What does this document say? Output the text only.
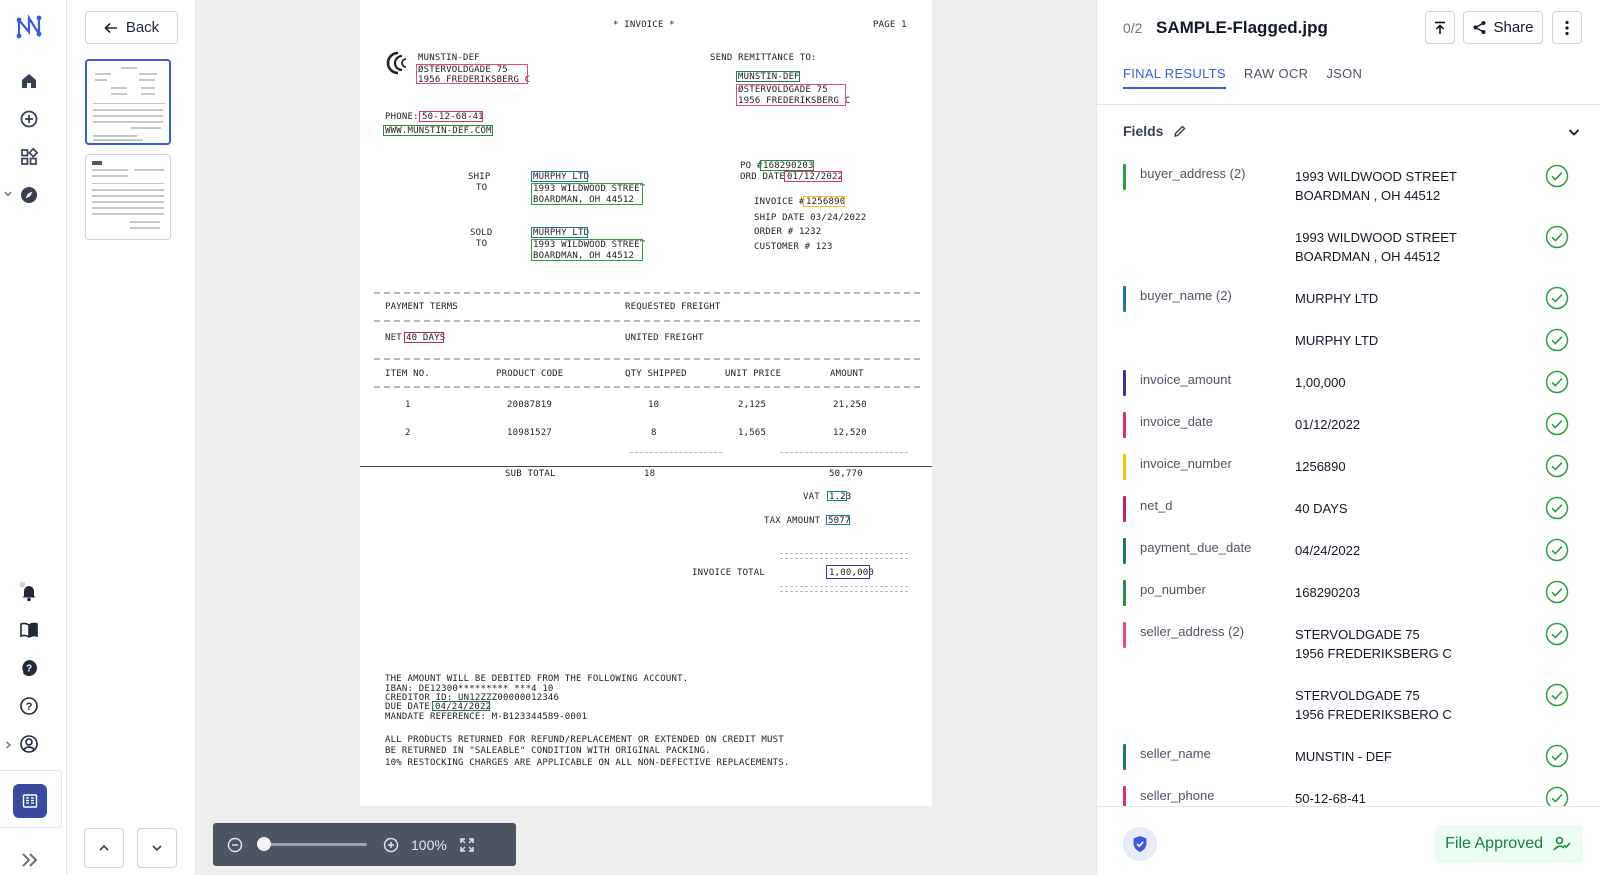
?
?
Back	* INVOICE *	PAGE 1
MUNSTIN-DEF
ØSTERVOLDGADE 75
1956 FREDERIKSBERG C
SEND REMITTANCE TO:
MUNSTIN-DEF
ØSTERVOLDGADE 75
1956 FREDERIKSBERG C
PHONE: 50-12-68-41
WWW.MUNSTIN-DEF.COM
SHIP
TO
MURPHY LTD
1993 WILDWOOD STREET
BOARDMAN, OH 44512
SOLD
TO
MURPHY LTD
1993 WILDWOOD STREET
BOARDMAN, OH 44512
PO # 168290203
ORD DATE 01/12/2022
INVOICE # 1256890
SHIP DATE 03/24/2022
ORDER # 1232
CUSTOMER # 123
PAYMENT TERMS	REQUESTED FREIGHT
NET 40 DAYS	UNITED FREIGHT
ITEM NO.	PRODUCT CODE	QTY SHIPPED	UNIT PRICE	AMOUNT
1	20087819	10	2,125	21,250
2	10981527	8	1,565	12,520
SUB TOTAL	18	50,770
VAT 1.23
TAX AMOUNT 5077
INVOICE TOTAL	1,00,000
THE AMOUNT WILL BE DEBITED FROM THE FOLLOWING ACCOUNT.
IBAN: DE12300********* ***4 10
CREDITOR ID: UN12ZZZ00000012346
DUE DATE: 04/24/2022
MANDATE REFERENCE: M-B123344589-0001
ALL PRODUCTS RETURNED FOR REFUND/REPLACEMENT OR EXTENDED ON CREDIT MUST
BE RETURNED IN "SALEABLE" CONDITION WITH ORIGINAL PACKING.
10% RESTOCKING CHARGES ARE APPLICABLE ON ALL NON-DEFECTIVE REPLACEMENTS.
100%
0/2 SAMPLE-Flagged.jpg	Share
FINAL RESULTS RAW OCR JSON
Fields
buyer_address (2)	1993 WILDWOOD STREET
BOARDMAN , OH 44512
1993 WILDWOOD STREET
BOARDMAN , OH 44512
buyer_name (2)	MURPHY LTD
MURPHY LTD
invoice_amount	1,00,000
invoice_date	01/12/2022
invoice_number	1256890
net_d	40 DAYS
payment_due_date	04/24/2022
po_number	168290203
seller_address (2)	STERVOLDGADE 75
1956 FREDERIKSBERG C
STERVOLDGADE 75
1956 FREDERIKSBERO C
seller_name	MUNSTIN - DEF
seller_phone	50-12-68-41
File Approved
